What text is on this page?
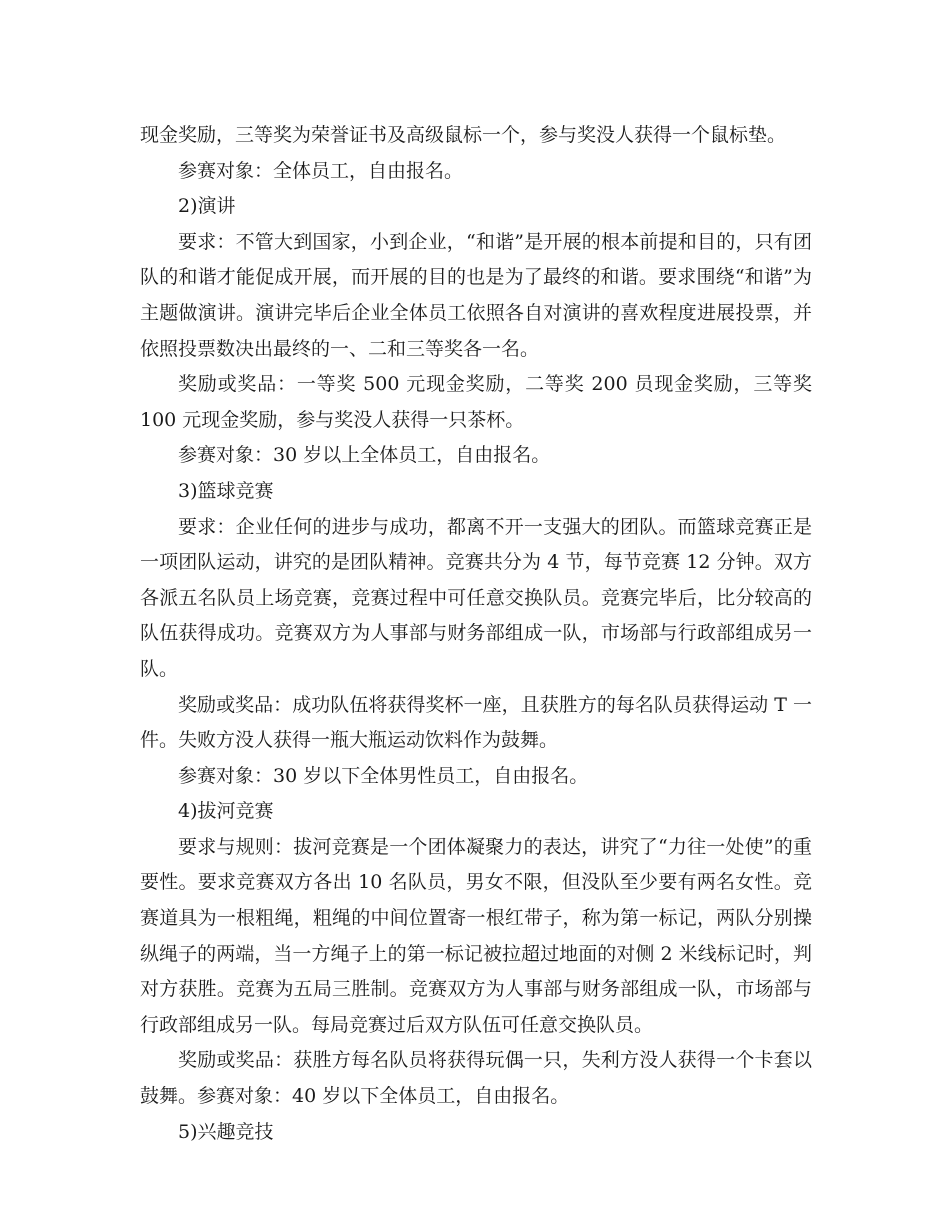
现金奖励，三等奖为荣誉证书及高级鼠标一个，参与奖没人获得一个鼠标垫。

参赛对象：全体员工，自由报名。

2)演讲

要求：不管大到国家，小到企业，“和谐”是开展的根本前提和目的，只有团队的和谐才能促成开展，而开展的目的也是为了最终的和谐。要求围绕“和谐”为主题做演讲。演讲完毕后企业全体员工依照各自对演讲的喜欢程度进展投票，并依照投票数决出最终的一、二和三等奖各一名。

奖励或奖品：一等奖 500 元现金奖励，二等奖 200 员现金奖励，三等奖 100 元现金奖励，参与奖没人获得一只茶杯。

参赛对象：30 岁以上全体员工，自由报名。

3)篮球竞赛

要求：企业任何的进步与成功，都离不开一支强大的团队。而篮球竞赛正是一项团队运动，讲究的是团队精神。竞赛共分为 4 节，每节竞赛 12 分钟。双方各派五名队员上场竞赛，竞赛过程中可任意交换队员。竞赛完毕后，比分较高的队伍获得成功。竞赛双方为人事部与财务部组成一队，市场部与行政部组成另一队。

奖励或奖品：成功队伍将获得奖杯一座，且获胜方的每名队员获得运动 T 一件。失败方没人获得一瓶大瓶运动饮料作为鼓舞。

参赛对象：30 岁以下全体男性员工，自由报名。

4)拔河竞赛

要求与规则：拔河竞赛是一个团体凝聚力的表达，讲究了“力往一处使”的重要性。要求竞赛双方各出 10 名队员，男女不限，但没队至少要有两名女性。竞赛道具为一根粗绳，粗绳的中间位置寄一根红带子，称为第一标记，两队分别操纵绳子的两端，当一方绳子上的第一标记被拉超过地面的对侧 2 米线标记时，判对方获胜。竞赛为五局三胜制。竞赛双方为人事部与财务部组成一队，市场部与行政部组成另一队。每局竞赛过后双方队伍可任意交换队员。

奖励或奖品：获胜方每名队员将获得玩偶一只，失利方没人获得一个卡套以鼓舞。参赛对象：40 岁以下全体员工，自由报名。

5)兴趣竞技
